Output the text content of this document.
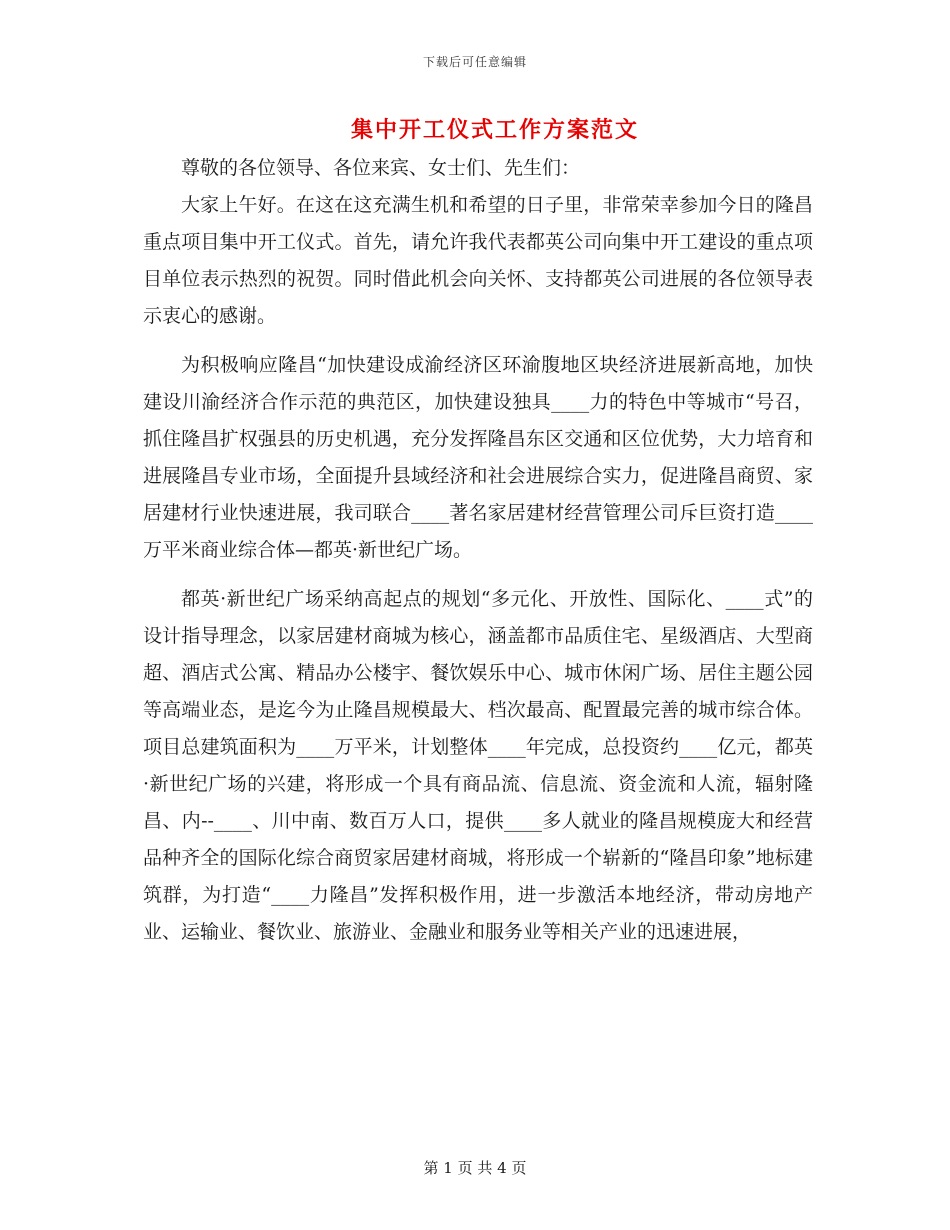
下载后可任意编辑
集中开工仪式工作方案范文

尊敬的各位领导、各位来宾、女士们、先生们：

大家上午好。在这在这充满生机和希望的日子里，非常荣幸参加今日的隆昌重点项目集中开工仪式。首先，请允许我代表都英公司向集中开工建设的重点项目单位表示热烈的祝贺。同时借此机会向关怀、支持都英公司进展的各位领导表示衷心的感谢。

为积极响应隆昌“加快建设成渝经济区环渝腹地区块经济进展新高地，加快建设川渝经济合作示范的典范区，加快建设独具____力的特色中等城市“号召，抓住隆昌扩权强县的历史机遇，充分发挥隆昌东区交通和区位优势，大力培育和进展隆昌专业市场，全面提升县域经济和社会进展综合实力，促进隆昌商贸、家居建材行业快速进展，我司联合____著名家居建材经营管理公司斥巨资打造____万平米商业综合体—都英·新世纪广场。

都英·新世纪广场采纳高起点的规划“多元化、开放性、国际化、____式”的设计指导理念，以家居建材商城为核心，涵盖都市品质住宅、星级酒店、大型商超、酒店式公寓、精品办公楼宇、餐饮娱乐中心、城市休闲广场、居住主题公园等高端业态，是迄今为止隆昌规模最大、档次最高、配置最完善的城市综合体。项目总建筑面积为____万平米，计划整体____年完成，总投资约____亿元，都英·新世纪广场的兴建，将形成一个具有商品流、信息流、资金流和人流，辐射隆昌、内--____、川中南、数百万人口，提供____多人就业的隆昌规模庞大和经营品种齐全的国际化综合商贸家居建材商城，将形成一个崭新的“隆昌印象”地标建筑群，为打造“____力隆昌”发挥积极作用，进一步激活本地经济，带动房地产业、运输业、餐饮业、旅游业、金融业和服务业等相关产业的迅速进展，

第 1 页 共 4 页
